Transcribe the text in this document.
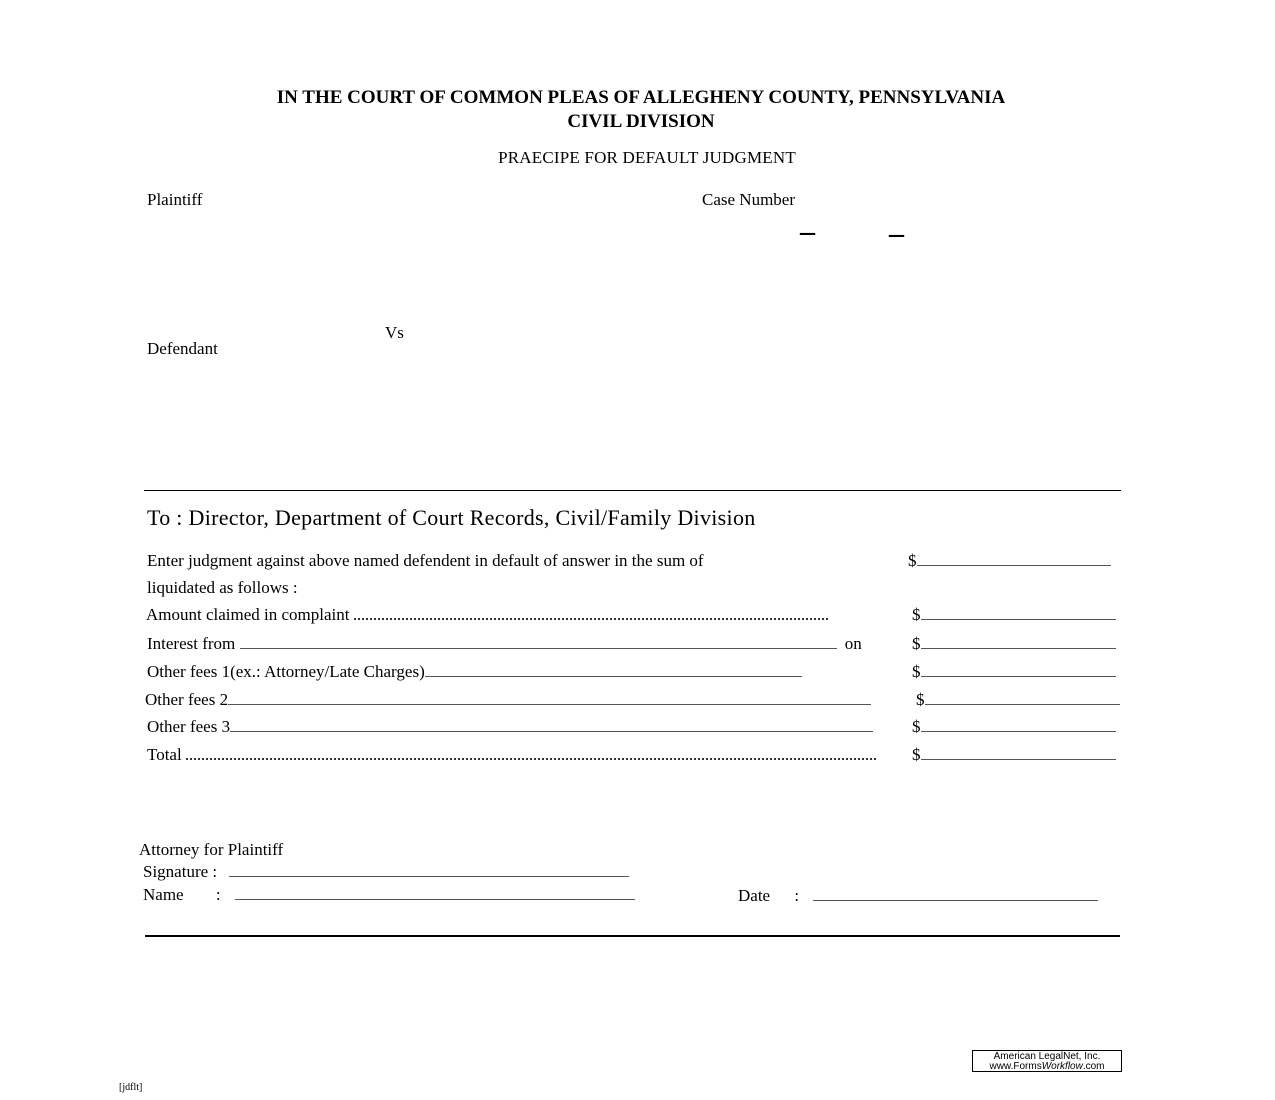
IN THE COURT OF COMMON PLEAS OF ALLEGHENY COUNTY, PENNSYLVANIA
CIVIL DIVISION
PRAECIPE FOR DEFAULT JUDGMENT
Plaintiff	Case Number
– –
Vs
Defendant
To : Director, Department of Court Records, Civil/Family Division
Enter judgment against above named defendent in default of answer in the sum of	$
liquidated as follows :
Amount claimed in complaint	$
Interest from	on	$
Other fees 1(ex.: Attorney/Late Charges)	$
Other fees 2	$
Other fees 3	$
Total	$
Attorney for Plaintiff
Signature :
Name :	Date :
American LegalNet, Inc.
www.FormsWorkflow.com
[jdflt]
